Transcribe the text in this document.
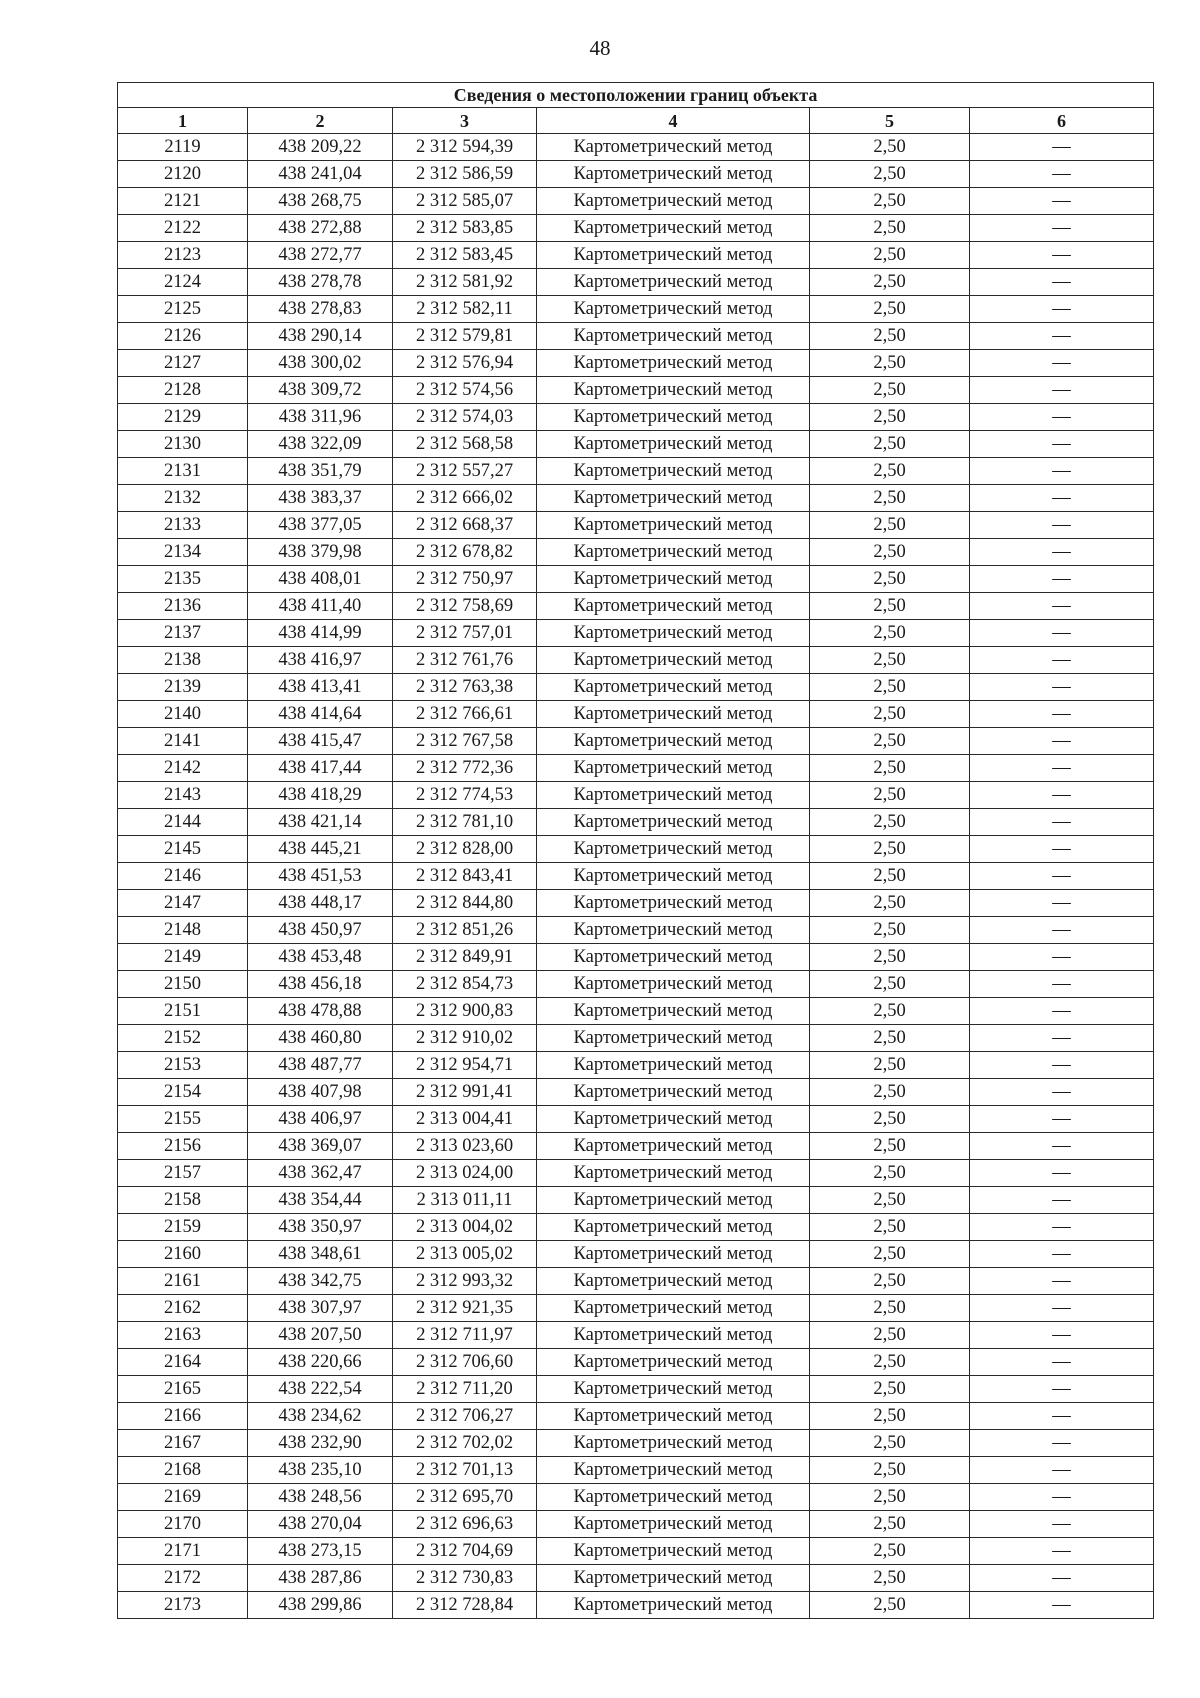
48
Сведения о местоположении границ объекта					
1	2	3	4	5	6
2119	438 209,22	2 312 594,39	Картометрический метод	2,50	—
2120	438 241,04	2 312 586,59	Картометрический метод	2,50	—
2121	438 268,75	2 312 585,07	Картометрический метод	2,50	—
2122	438 272,88	2 312 583,85	Картометрический метод	2,50	—
2123	438 272,77	2 312 583,45	Картометрический метод	2,50	—
2124	438 278,78	2 312 581,92	Картометрический метод	2,50	—
2125	438 278,83	2 312 582,11	Картометрический метод	2,50	—
2126	438 290,14	2 312 579,81	Картометрический метод	2,50	—
2127	438 300,02	2 312 576,94	Картометрический метод	2,50	—
2128	438 309,72	2 312 574,56	Картометрический метод	2,50	—
2129	438 311,96	2 312 574,03	Картометрический метод	2,50	—
2130	438 322,09	2 312 568,58	Картометрический метод	2,50	—
2131	438 351,79	2 312 557,27	Картометрический метод	2,50	—
2132	438 383,37	2 312 666,02	Картометрический метод	2,50	—
2133	438 377,05	2 312 668,37	Картометрический метод	2,50	—
2134	438 379,98	2 312 678,82	Картометрический метод	2,50	—
2135	438 408,01	2 312 750,97	Картометрический метод	2,50	—
2136	438 411,40	2 312 758,69	Картометрический метод	2,50	—
2137	438 414,99	2 312 757,01	Картометрический метод	2,50	—
2138	438 416,97	2 312 761,76	Картометрический метод	2,50	—
2139	438 413,41	2 312 763,38	Картометрический метод	2,50	—
2140	438 414,64	2 312 766,61	Картометрический метод	2,50	—
2141	438 415,47	2 312 767,58	Картометрический метод	2,50	—
2142	438 417,44	2 312 772,36	Картометрический метод	2,50	—
2143	438 418,29	2 312 774,53	Картометрический метод	2,50	—
2144	438 421,14	2 312 781,10	Картометрический метод	2,50	—
2145	438 445,21	2 312 828,00	Картометрический метод	2,50	—
2146	438 451,53	2 312 843,41	Картометрический метод	2,50	—
2147	438 448,17	2 312 844,80	Картометрический метод	2,50	—
2148	438 450,97	2 312 851,26	Картометрический метод	2,50	—
2149	438 453,48	2 312 849,91	Картометрический метод	2,50	—
2150	438 456,18	2 312 854,73	Картометрический метод	2,50	—
2151	438 478,88	2 312 900,83	Картометрический метод	2,50	—
2152	438 460,80	2 312 910,02	Картометрический метод	2,50	—
2153	438 487,77	2 312 954,71	Картометрический метод	2,50	—
2154	438 407,98	2 312 991,41	Картометрический метод	2,50	—
2155	438 406,97	2 313 004,41	Картометрический метод	2,50	—
2156	438 369,07	2 313 023,60	Картометрический метод	2,50	—
2157	438 362,47	2 313 024,00	Картометрический метод	2,50	—
2158	438 354,44	2 313 011,11	Картометрический метод	2,50	—
2159	438 350,97	2 313 004,02	Картометрический метод	2,50	—
2160	438 348,61	2 313 005,02	Картометрический метод	2,50	—
2161	438 342,75	2 312 993,32	Картометрический метод	2,50	—
2162	438 307,97	2 312 921,35	Картометрический метод	2,50	—
2163	438 207,50	2 312 711,97	Картометрический метод	2,50	—
2164	438 220,66	2 312 706,60	Картометрический метод	2,50	—
2165	438 222,54	2 312 711,20	Картометрический метод	2,50	—
2166	438 234,62	2 312 706,27	Картометрический метод	2,50	—
2167	438 232,90	2 312 702,02	Картометрический метод	2,50	—
2168	438 235,10	2 312 701,13	Картометрический метод	2,50	—
2169	438 248,56	2 312 695,70	Картометрический метод	2,50	—
2170	438 270,04	2 312 696,63	Картометрический метод	2,50	—
2171	438 273,15	2 312 704,69	Картометрический метод	2,50	—
2172	438 287,86	2 312 730,83	Картометрический метод	2,50	—
2173	438 299,86	2 312 728,84	Картометрический метод	2,50	—
